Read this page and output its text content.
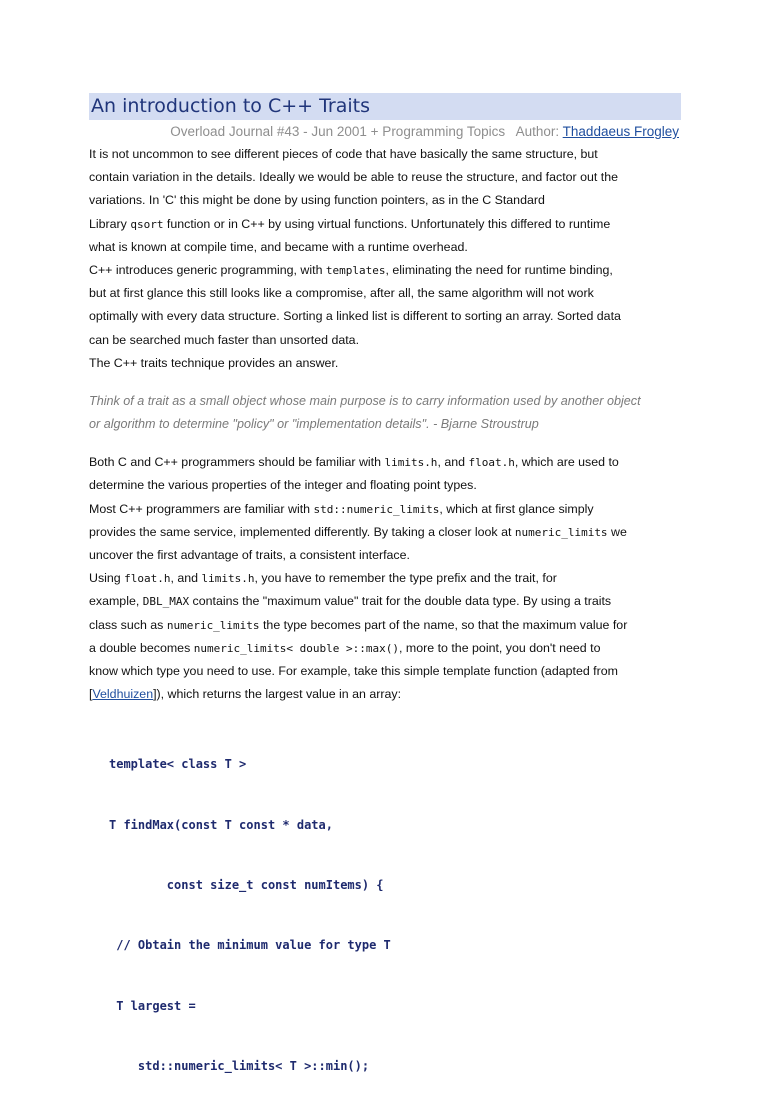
An introduction to C++ Traits
Overload Journal #43 - Jun 2001 + Programming Topics Author: Thaddaeus Frogley
It is not uncommon to see different pieces of code that have basically the same structure, but
contain variation in the details. Ideally we would be able to reuse the structure, and factor out the
variations. In 'C' this might be done by using function pointers, as in the C Standard
Library qsort function or in C++ by using virtual functions. Unfortunately this differed to runtime
what is known at compile time, and became with a runtime overhead.
C++ introduces generic programming, with templates, eliminating the need for runtime binding,
but at first glance this still looks like a compromise, after all, the same algorithm will not work
optimally with every data structure. Sorting a linked list is different to sorting an array. Sorted data
can be searched much faster than unsorted data.
The C++ traits technique provides an answer.
Think of a trait as a small object whose main purpose is to carry information used by another object
or algorithm to determine "policy" or "implementation details". - Bjarne Stroustrup
Both C and C++ programmers should be familiar with limits.h, and float.h, which are used to
determine the various properties of the integer and floating point types.
Most C++ programmers are familiar with std::numeric_limits, which at first glance simply
provides the same service, implemented differently. By taking a closer look at numeric_limits we
uncover the first advantage of traits, a consistent interface.
Using float.h, and limits.h, you have to remember the type prefix and the trait, for
example, DBL_MAX contains the "maximum value" trait for the double data type. By using a traits
class such as numeric_limits the type becomes part of the name, so that the maximum value for
a double becomes numeric_limits< double >::max(), more to the point, you don't need to
know which type you need to use. For example, take this simple template function (adapted from
[Veldhuizen]), which returns the largest value in an array:

template< class T >

T findMax(const T const * data,

const size_t const numItems) {

// Obtain the minimum value for type T

T largest =

std::numeric_limits< T >::min();
